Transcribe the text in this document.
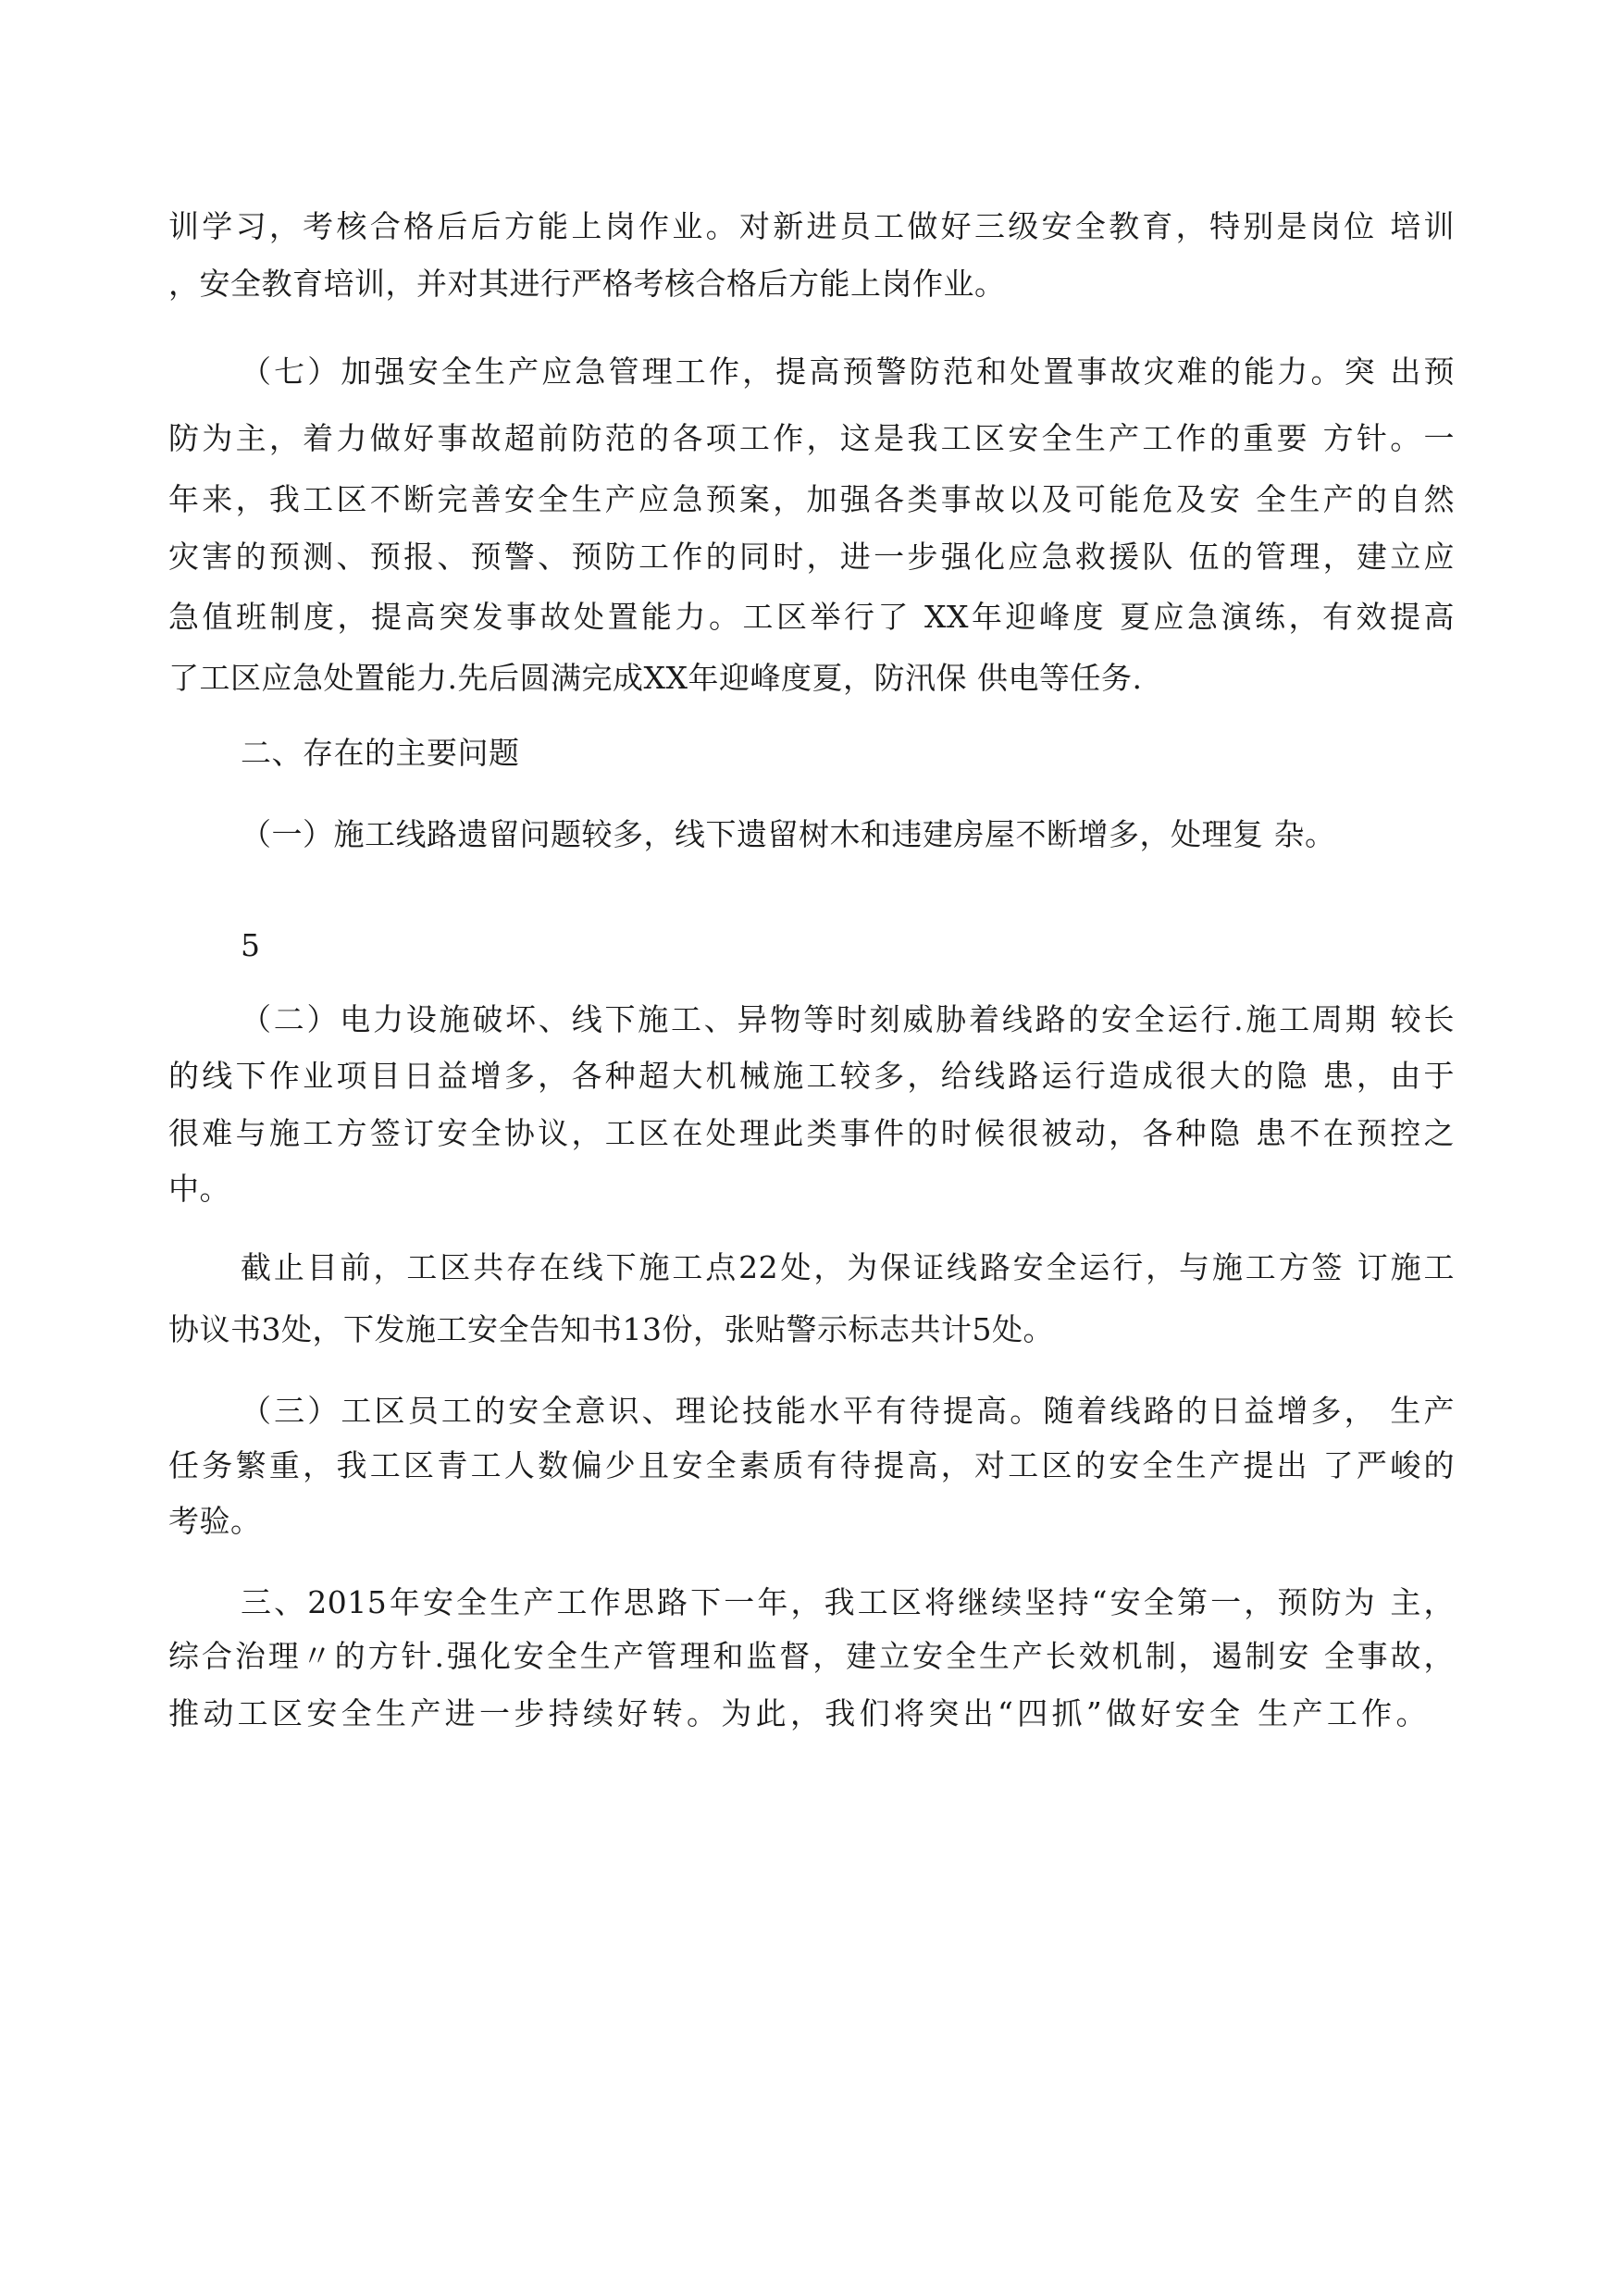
训学习，考核合格后后方能上岗作业。对新进员工做好三级安全教育，特别是岗位 培训

，安全教育培训，并对其进行严格考核合格后方能上岗作业。

（七）加强安全生产应急管理工作，提高预警防范和处置事故灾难的能力。突 出预

防为主，着力做好事故超前防范的各项工作，这是我工区安全生产工作的重要 方针。一

年来，我工区不断完善安全生产应急预案，加强各类事故以及可能危及安 全生产的自然

灾害的预测、预报、预警、预防工作的同时，进一步强化应急救援队 伍的管理，建立应

急值班制度，提高突发事故处置能力。工区举行了 XX年迎峰度 夏应急演练，有效提高

了工区应急处置能力.先后圆满完成XX年迎峰度夏，防汛保 供电等任务.

二、存在的主要问题

（一）施工线路遗留问题较多，线下遗留树木和违建房屋不断增多，处理复 杂。

5

（二）电力设施破坏、线下施工、异物等时刻威胁着线路的安全运行.施工周期 较长

的线下作业项目日益增多，各种超大机械施工较多，给线路运行造成很大的隐 患，由于

很难与施工方签订安全协议，工区在处理此类事件的时候很被动，各种隐 患不在预控之

中。

截止目前，工区共存在线下施工点22处，为保证线路安全运行，与施工方签 订施工

协议书3处，下发施工安全告知书13份，张贴警示标志共计5处。

（三）工区员工的安全意识、理论技能水平有待提高。随着线路的日益增多， 生产

任务繁重，我工区青工人数偏少且安全素质有待提高，对工区的安全生产提出 了严峻的

考验。

三、2015年安全生产工作思路下一年，我工区将继续坚持“安全第一，预防为 主，

综合治理〃的方针.强化安全生产管理和监督，建立安全生产长效机制，遏制安 全事故，

推动工区安全生产进一步持续好转。为此，我们将突出“四抓”做好安全 生产工作。
